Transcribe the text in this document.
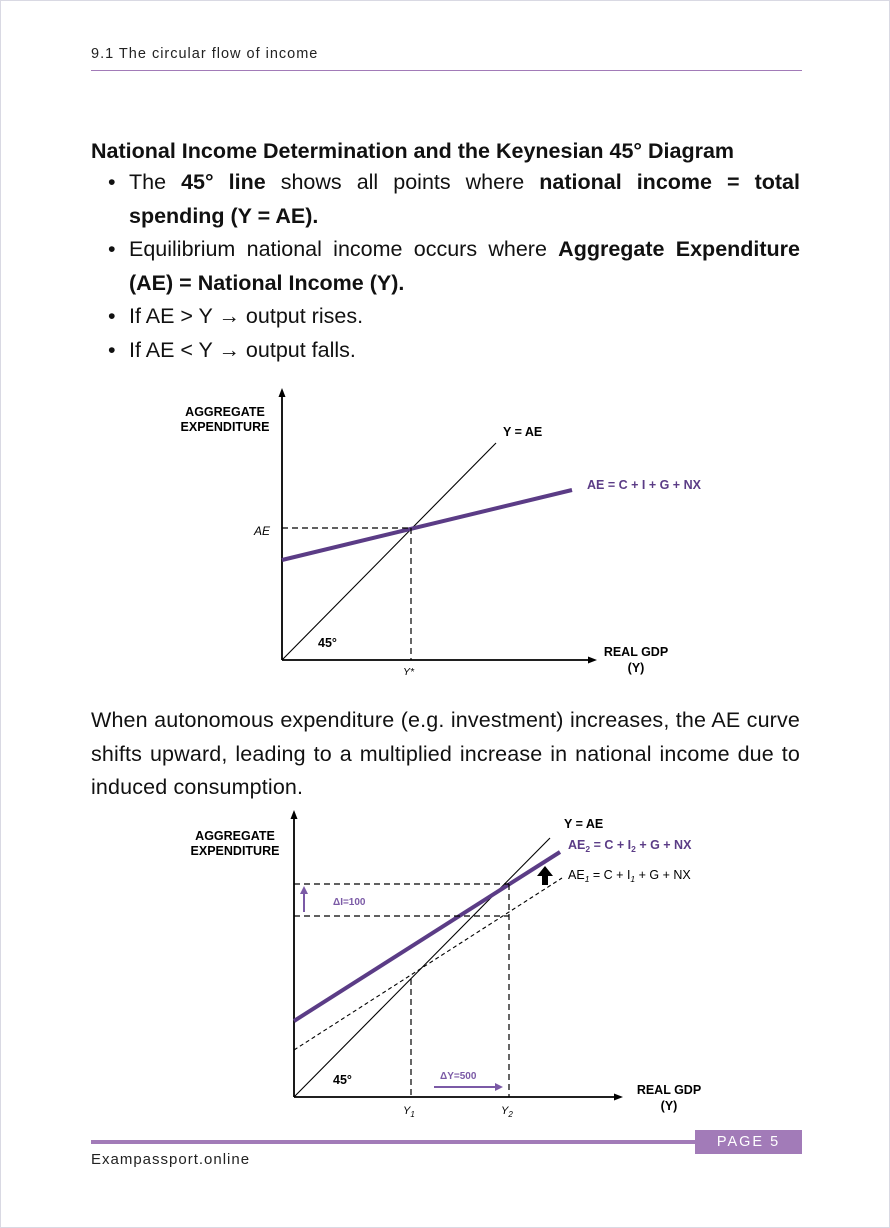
9.1 The circular flow of income
National Income Determination and the Keynesian 45° Diagram
• The 45° line shows all points where national income = total spending (Y = AE).
• Equilibrium national income occurs where Aggregate Expenditure (AE) = National Income (Y).
• If AE > Y → output rises.
• If AE < Y → output falls.
AGGREGATE
EXPENDITURE	Y = AE
AE = C + I + G + NX
AE
Y*
45°
REAL GDP
(Y)
When autonomous expenditure (e.g. investment) increases, the AE curve shifts upward, leading to a multiplied increase in national income due to induced consumption.
AGGREGATE
EXPENDITURE
Y = AE
$AE_2 = C + I_2 + G$ + NX
$AE_1 = C + I_1 + G$ + NX
ΔI=100
ΔY=500
45°
$Y_1$	$Y_2$
REAL GDP
(Y)
PAGE 5
Exampassport.online
